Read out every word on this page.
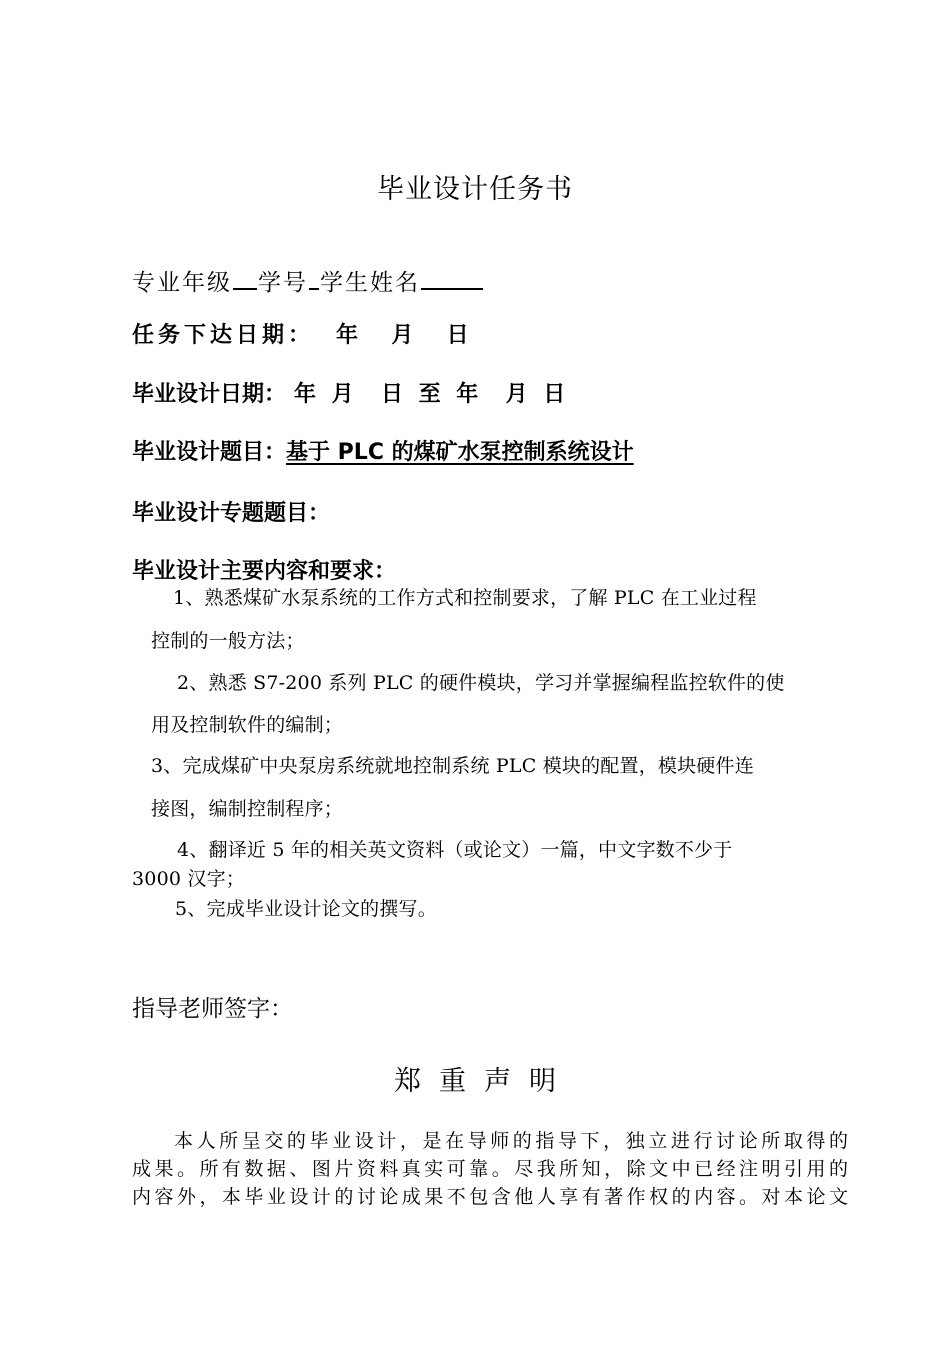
毕业设计任务书
专业年级 学号 学生姓名
任务下达日期： 年  月  日
毕业设计日期： 年 月  日 至 年  月 日
毕业设计题目：基于 PLC 的煤矿水泵控制系统设计
毕业设计专题题目：
毕业设计主要内容和要求：
1、熟悉煤矿水泵系统的工作方式和控制要求，了解 PLC 在工业过程
控制的一般方法；
2、熟悉 S7-200 系列 PLC 的硬件模块，学习并掌握编程监控软件的使
用及控制软件的编制；
3、完成煤矿中央泵房系统就地控制系统 PLC 模块的配置，模块硬件连
接图，编制控制程序；
4、翻译近 5 年的相关英文资料（或论文）一篇，中文字数不少于
3000 汉字；
5、完成毕业设计论文的撰写。
指导老师签字：
郑重声明
本人所呈交的毕业设计，是在导师的指导下，独立进行讨论所取得的
成果。所有数据、图片资料真实可靠。尽我所知，除文中已经注明引用的
内容外，本毕业设计的讨论成果不包含他人享有著作权的内容。对本论文
